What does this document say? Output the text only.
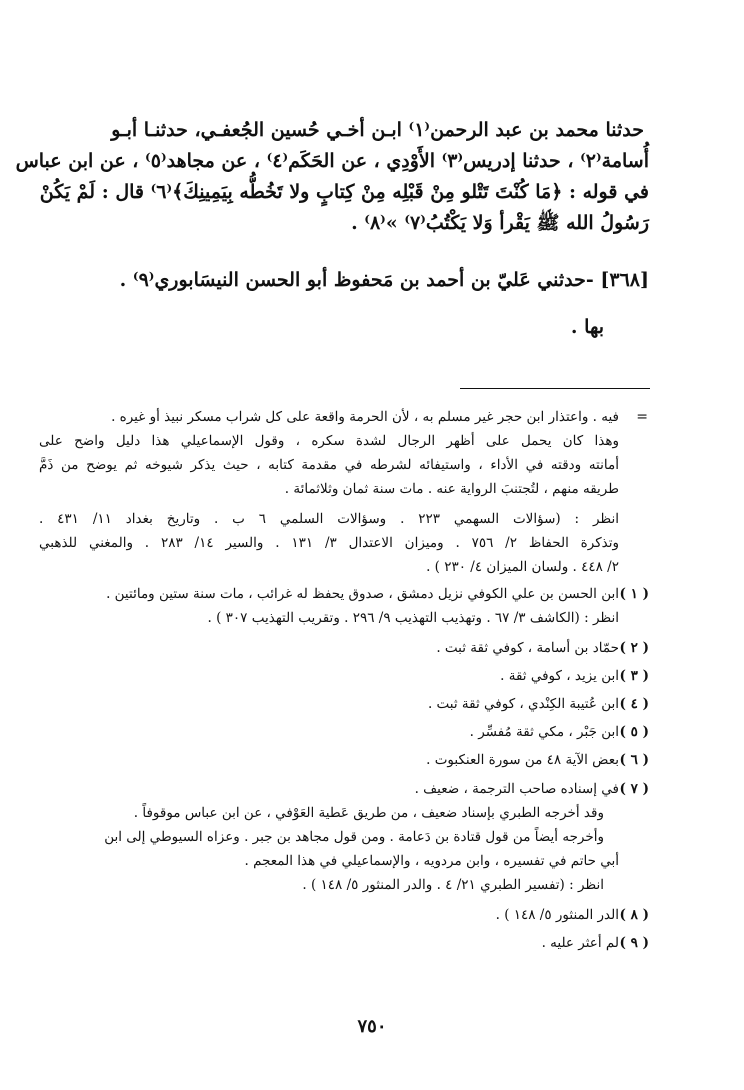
حدثنا محمد بن عبد الرحمن⁽١⁾ ابـن أخـي حُسين الجُعفـي، حدثنـا أبـو
أُسامة⁽٢⁾ ، حدثنا إدريس⁽٣⁾ الأَوْدِي ، عن الحَكَم⁽٤⁾ ، عن مجاهد⁽٥⁾ ، عن ابن عباس
في قوله : ﴿مَا كُنْتَ تَتْلو مِنْ قَبْلِه مِنْ كِتابٍ ولا تَخُطُّه بِيَمِينِكَ﴾⁽٦⁾ قال : لَمْ يَكُنْ
رَسُولُ الله ﷺ يَقْرأ وَلا يَكْتُبُ⁽٧⁾ »⁽٨⁾ .
[٣٦٨] -حدثني عَليّ بن أحمد بن مَحفوظ أبو الحسن النيسَابوري⁽٩⁾ .
بها .
=
فيه . واعتذار ابن حجر غير مسلم به ، لأن الحرمة واقعة على كل شراب مسكر نبيذ أو غيره .
وهذا كان يحمل على أظهر الرجال لشدة سكره ، وقول الإسماعيلي هذا دليل واضح على
أمانته ودقته في الأداء ، واستيفائه لشرطه في مقدمة كتابه ، حيث يذكر شيوخه ثم يوضح من ذَمَّ
طريقه منهم ، لتُجتنبَ الرواية عنه . مات سنة ثمان وثلاثمائة .
انظر : (سؤالات السهمي ٢٢٣ . وسؤالات السلمي ٦ ب . وتاريخ بغداد ١١/ ٤٣١ .
وتذكرة الحفاظ ٢/ ٧٥٦ . وميزان الاعتدال ٣/ ١٣١ . والسير ١٤/ ٢٨٣ . والمغني للذهبي
٢/ ٤٤٨ . ولسان الميزان ٤/ ٢٣٠ ) .
( ١ )
ابن الحسن بن علي الكوفي نزيل دمشق ، صدوق يحفظ له غرائب ، مات سنة ستين ومائتين .
انظر : (الكاشف ٣/ ٦٧ . وتهذيب التهذيب ٩/ ٢٩٦ . وتقريب التهذيب ٣٠٧ ) .
( ٢ )
حمّاد بن أسامة ، كوفي ثقة ثبت .
( ٣ )
ابن يزيد ، كوفي ثقة .
( ٤ )
ابن عُتيبة الكِنْدي ، كوفي ثقة ثبت .
( ٥ )
ابن جَبْر ، مكي ثقة مُفسِّر .
( ٦ )
بعض الآية ٤٨ من سورة العنكبوت .
( ٧ )
في إسناده صاحب الترجمة ، ضعيف .
وقد أخرجه الطبري بإسناد ضعيف ، من طريق عَطية العَوْفي ، عن ابن عباس موقوفاً .
وأخرجه أيضاً من قول قتادة بن دَعامة . ومن قول مجاهد بن جبر . وعزاه السيوطي إلى ابن
أبي حاتم في تفسيره ، وابن مردويه ، والإسماعيلي في هذا المعجم .
انظر : (تفسير الطبري ٢١/ ٤ . والدر المنثور ٥/ ١٤٨ ) .
( ٨ )
الدر المنثور ٥/ ١٤٨ ) .
( ٩ )
لم أعثر عليه .
٧٥٠
